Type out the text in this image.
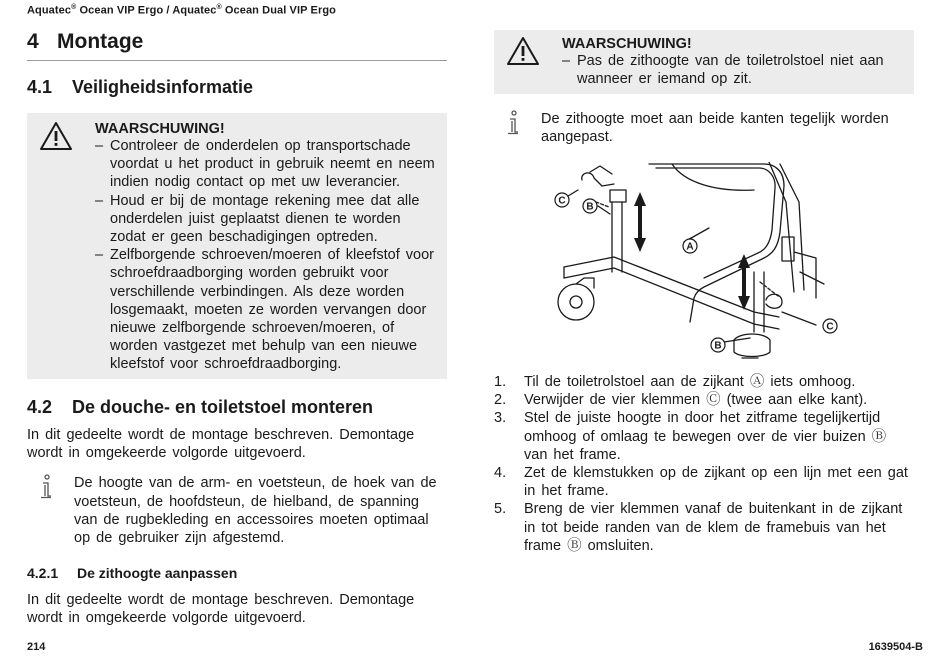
Aquatec® Ocean VIP Ergo / Aquatec® Ocean Dual VIP Ergo
4 Montage
4.1 Veiligheidsinformatie
WAARSCHUWING!
– Controleer de onderdelen op transportschade voordat u het product in gebruik neemt en neem indien nodig contact op met uw leverancier.
– Houd er bij de montage rekening mee dat alle onderdelen juist geplaatst dienen te worden zodat er geen beschadigingen optreden.
– Zelfborgende schroeven/moeren of kleefstof voor schroefdraadborging worden gebruikt voor verschillende verbindingen. Als deze worden losgemaakt, moeten ze worden vervangen door nieuwe zelfborgende schroeven/moeren, of worden vastgezet met behulp van een nieuwe kleefstof voor schroefdraadborging.
4.2 De douche- en toiletstoel monteren
In dit gedeelte wordt de montage beschreven. Demontage wordt in omgekeerde volgorde uitgevoerd.
De hoogte van de arm- en voetsteun, de hoek van de voetsteun, de hoofdsteun, de hielband, de spanning van de rugbekleding en accessoires moeten optimaal op de gebruiker zijn afgestemd.
4.2.1 De zithoogte aanpassen
In dit gedeelte wordt de montage beschreven. Demontage wordt in omgekeerde volgorde uitgevoerd.
WAARSCHUWING!
– Pas de zithoogte van de toiletrolstoel niet aan wanneer er iemand op zit.
De zithoogte moet aan beide kanten tegelijk worden aangepast.
C
B
A
C
B
1. Til de toiletrolstoel aan de zijkant Ⓐ iets omhoog.
2. Verwijder de vier klemmen Ⓒ (twee aan elke kant).
3. Stel de juiste hoogte in door het zitframe tegelijkertijd omhoog of omlaag te bewegen over de vier buizen Ⓑ van het frame.
4. Zet de klemstukken op de zijkant op een lijn met een gat in het frame.
5. Breng de vier klemmen vanaf de buitenkant in de zijkant in tot beide randen van de klem de framebuis van het frame Ⓑ omsluiten.
214	1639504-B
